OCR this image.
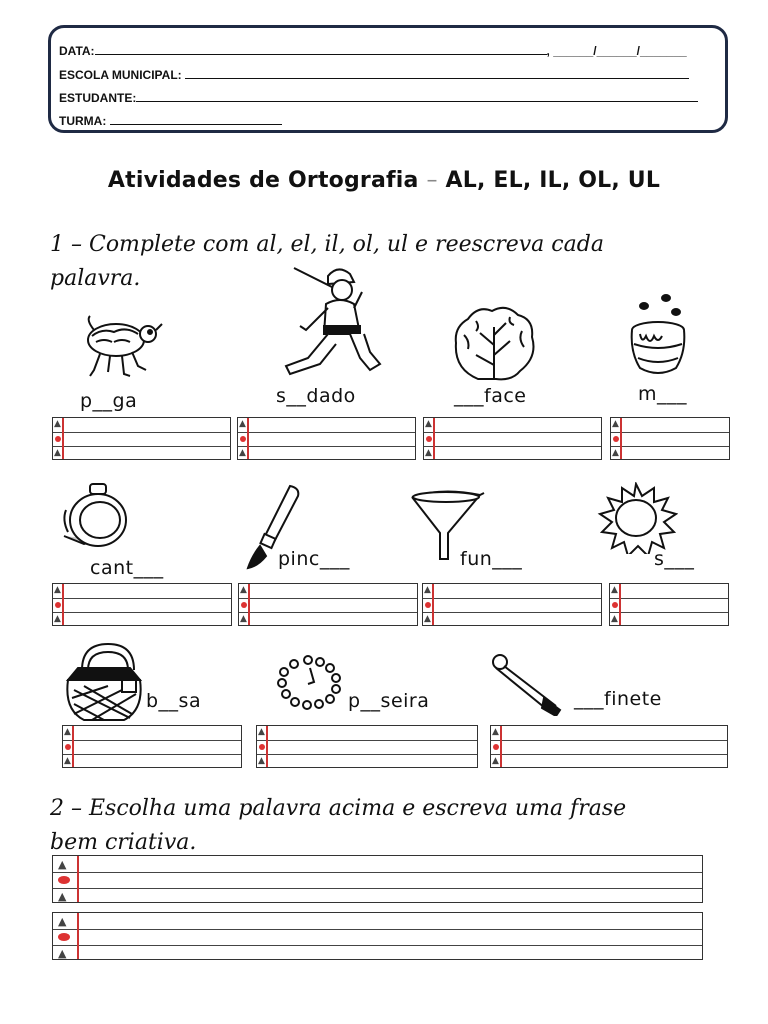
DATA:	, ______/______/_______
ESCOLA MUNICIPAL:
ESTUDANTE:
TURMA:
Atividades de Ortografia – AL, EL, IL, OL, UL
1 – Complete com al, el, il, ol, ul e reescreva cada
palavra.
p__ga	s__dado	___face	m___
▲
▲
▲
▲
▲
▲
▲
▲
cant___	pinc___	fun___	s___
▲
▲
▲
▲
▲
▲
▲
▲
b__sa	p__seira	___finete
▲
▲
▲
▲
▲
▲
2 – Escolha uma palavra acima e escreva uma frase
bem criativa.
▲
▲
▲
▲
